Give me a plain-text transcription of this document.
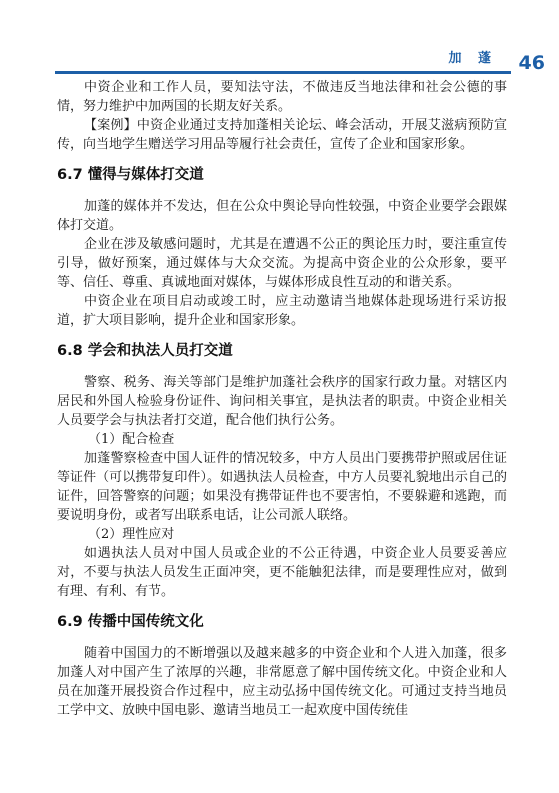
加 蓬 46

中资企业和工作人员，要知法守法，不做违反当地法律和社会公德的事情，努力维护中加两国的长期友好关系。

【案例】中资企业通过支持加蓬相关论坛、峰会活动，开展艾滋病预防宣传，向当地学生赠送学习用品等履行社会责任，宣传了企业和国家形象。

6.7 懂得与媒体打交道

加蓬的媒体并不发达，但在公众中舆论导向性较强，中资企业要学会跟媒体打交道。

企业在涉及敏感问题时，尤其是在遭遇不公正的舆论压力时，要注重宣传引导，做好预案，通过媒体与大众交流。为提高中资企业的公众形象，要平等、信任、尊重、真诚地面对媒体，与媒体形成良性互动的和谐关系。

中资企业在项目启动或竣工时，应主动邀请当地媒体赴现场进行采访报道，扩大项目影响，提升企业和国家形象。

6.8 学会和执法人员打交道

警察、税务、海关等部门是维护加蓬社会秩序的国家行政力量。对辖区内居民和外国人检验身份证件、询问相关事宜，是执法者的职责。中资企业相关人员要学会与执法者打交道，配合他们执行公务。

（1）配合检查

加蓬警察检查中国人证件的情况较多，中方人员出门要携带护照或居住证等证件（可以携带复印件）。如遇执法人员检查，中方人员要礼貌地出示自己的证件，回答警察的问题；如果没有携带证件也不要害怕，不要躲避和逃跑，而要说明身份，或者写出联系电话，让公司派人联络。

（2）理性应对

如遇执法人员对中国人员或企业的不公正待遇，中资企业人员要妥善应对，不要与执法人员发生正面冲突，更不能触犯法律，而是要理性应对，做到有理、有利、有节。

6.9 传播中国传统文化

随着中国国力的不断增强以及越来越多的中资企业和个人进入加蓬，很多加蓬人对中国产生了浓厚的兴趣，非常愿意了解中国传统文化。中资企业和人员在加蓬开展投资合作过程中，应主动弘扬中国传统文化。可通过支持当地员工学中文、放映中国电影、邀请当地员工一起欢度中国传统佳
